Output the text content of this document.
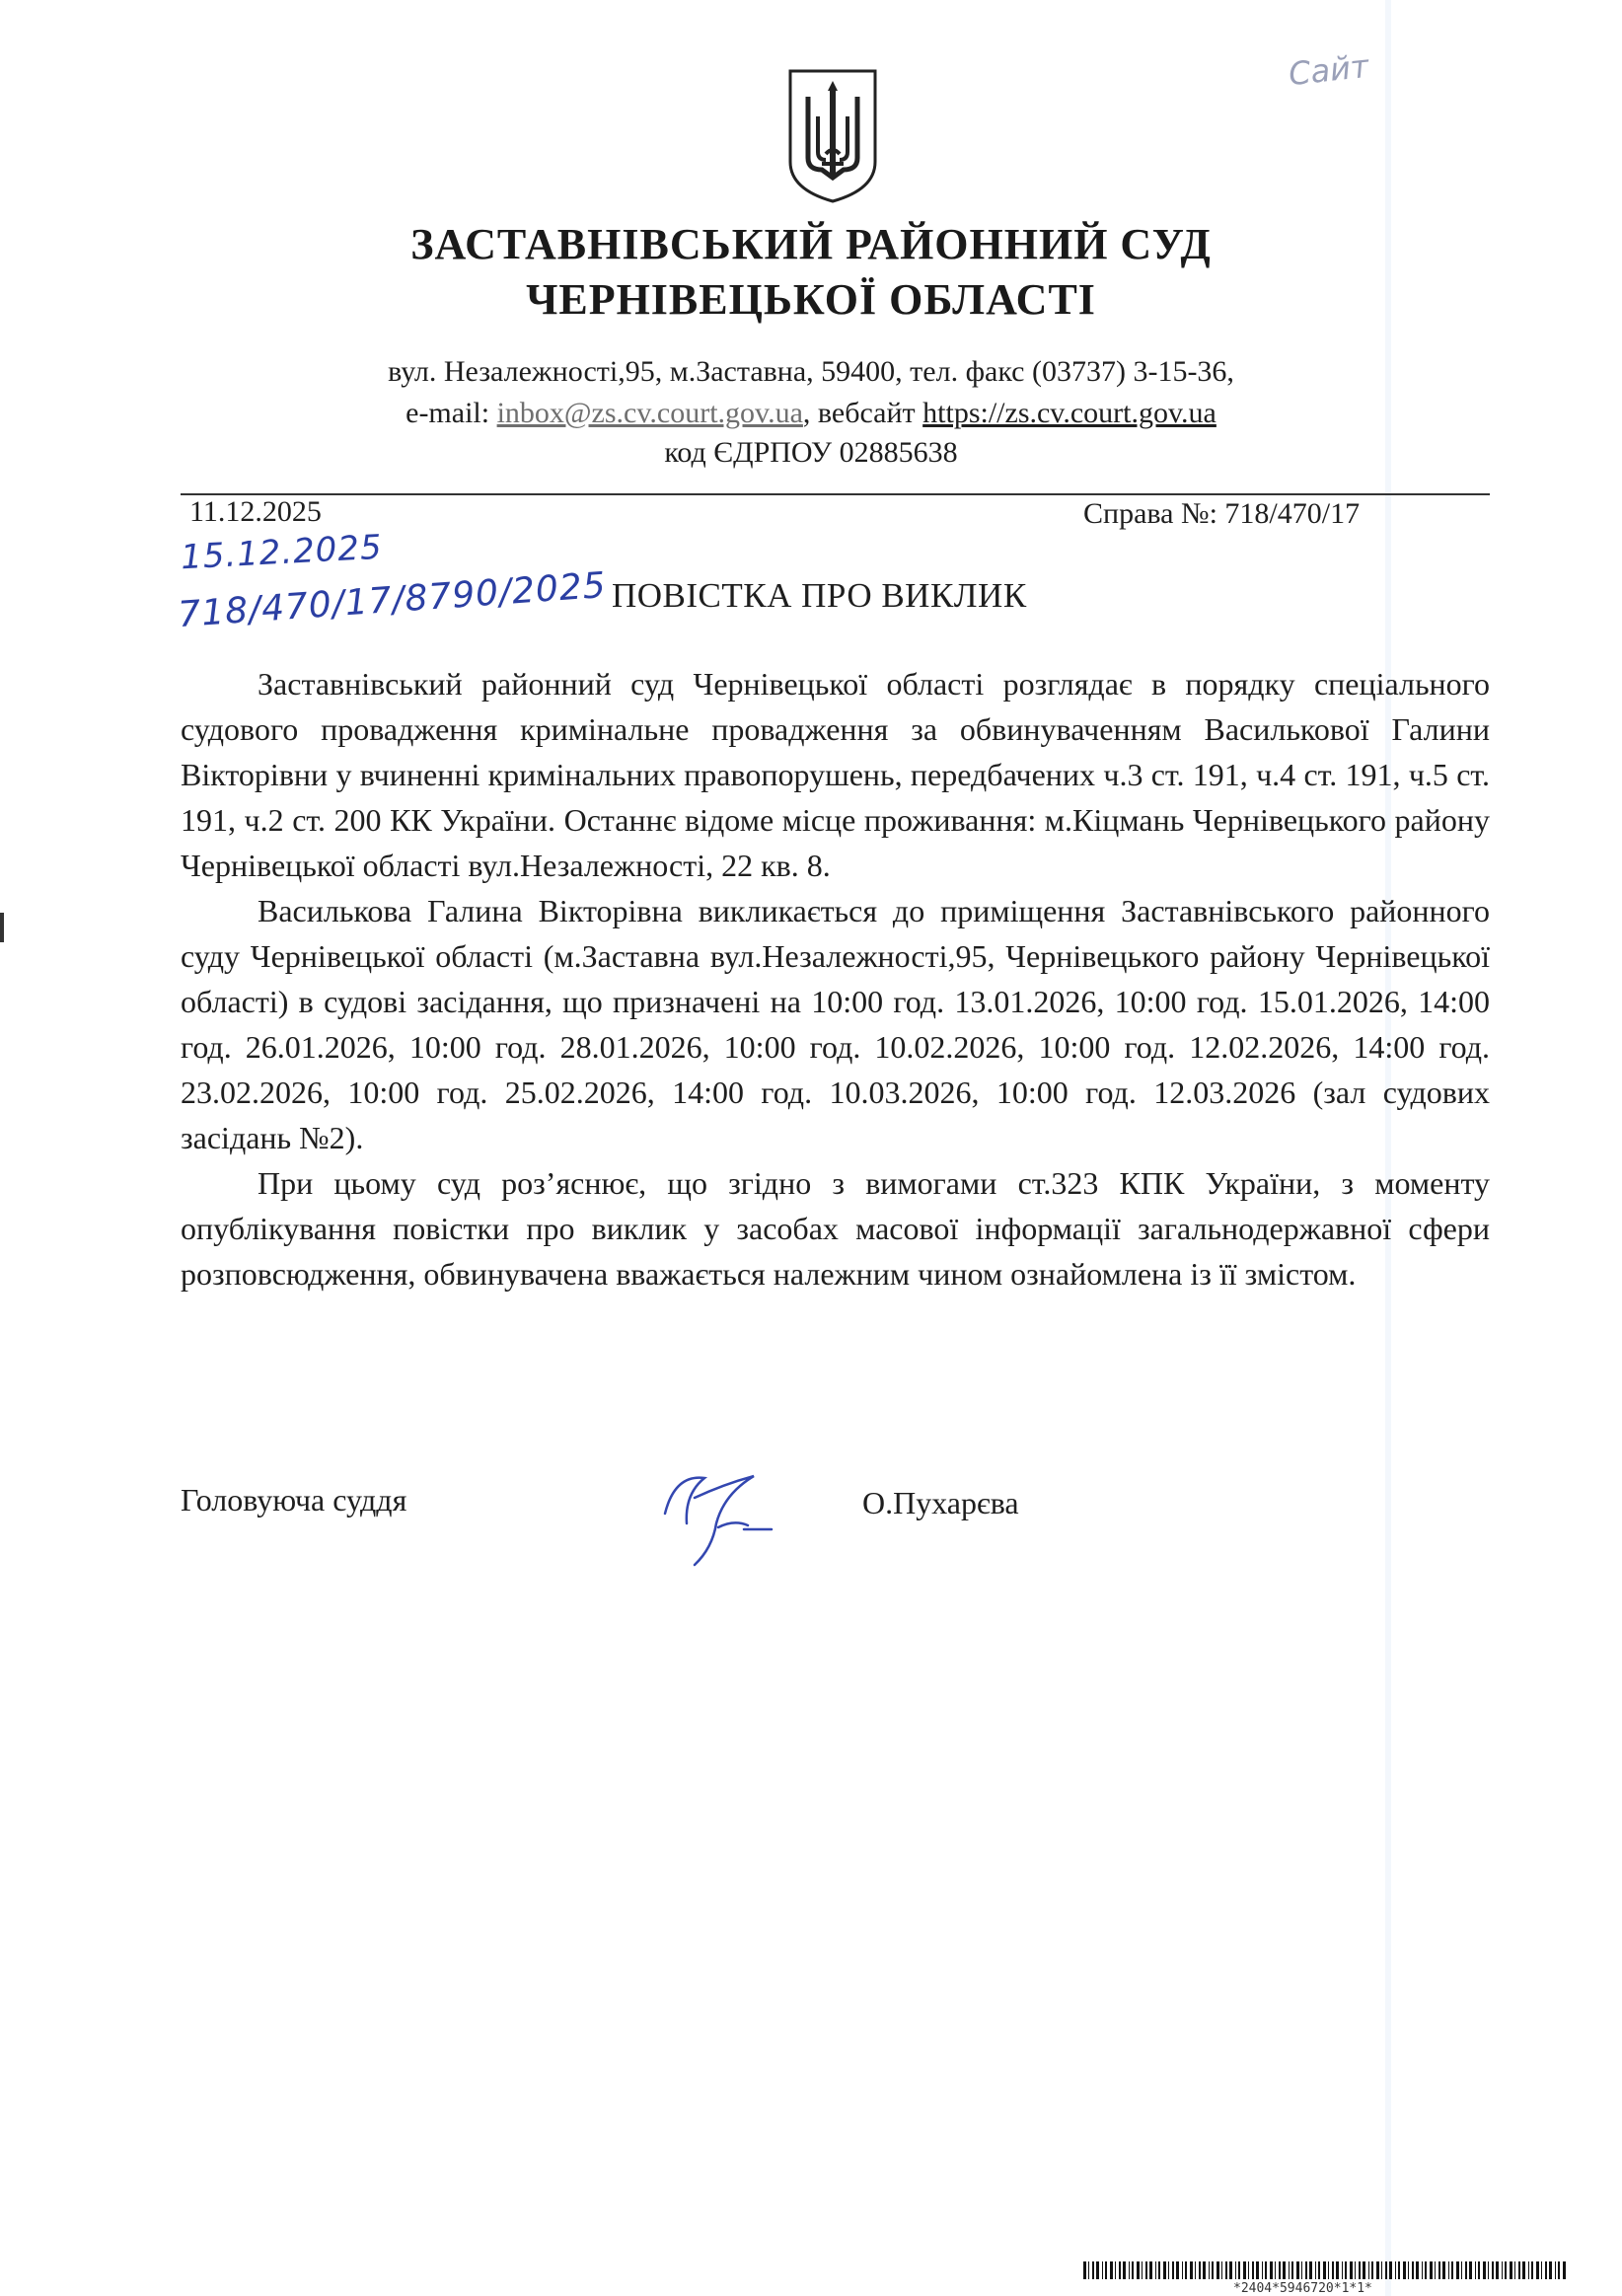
Сайт
ЗАСТАВНІВСЬКИЙ РАЙОННИЙ СУД
ЧЕРНІВЕЦЬКОЇ ОБЛАСТІ
вул. Незалежності,95, м.Заставна, 59400, тел. факс (03737) 3-15-36,
e-mail: inbox@zs.cv.court.gov.ua, вебсайт https://zs.cv.court.gov.ua
код ЄДРПОУ 02885638
11.12.2025	Справа №: 718/470/17
15.12.2025
718/470/17/8790/2025 ПОВІСТКА ПРО ВИКЛИК

Заставнівський районний суд Чернівецької області розглядає в порядку спеціального судового провадження кримінальне провадження за обвинуваченням Василькової Галини Вікторівни у вчиненні кримінальних правопорушень, передбачених ч.3 ст. 191, ч.4 ст. 191, ч.5 ст. 191, ч.2 ст. 200 КК України. Останнє відоме місце проживання: м.Кіцмань Чернівецького району Чернівецької області вул.Незалежності, 22 кв. 8.

Василькова Галина Вікторівна викликається до приміщення Заставнівського районного суду Чернівецької області (м.Заставна вул.Незалежності,95, Чернівецького району Чернівецької області) в судові засідання, що призначені на 10:00 год. 13.01.2026, 10:00 год. 15.01.2026, 14:00 год. 26.01.2026, 10:00 год. 28.01.2026, 10:00 год. 10.02.2026, 10:00 год. 12.02.2026, 14:00 год. 23.02.2026, 10:00 год. 25.02.2026, 14:00 год. 10.03.2026, 10:00 год. 12.03.2026 (зал судових засідань №2).

При цьому суд роз’яснює, що згідно з вимогами ст.323 КПК України, з моменту опублікування повістки про виклик у засобах масової інформації загальнодержавної сфери розповсюдження, обвинувачена вважається належним чином ознайомлена із її змістом.

Головуюча суддя	О.Пухарєва
*2404*5946720*1*1*
